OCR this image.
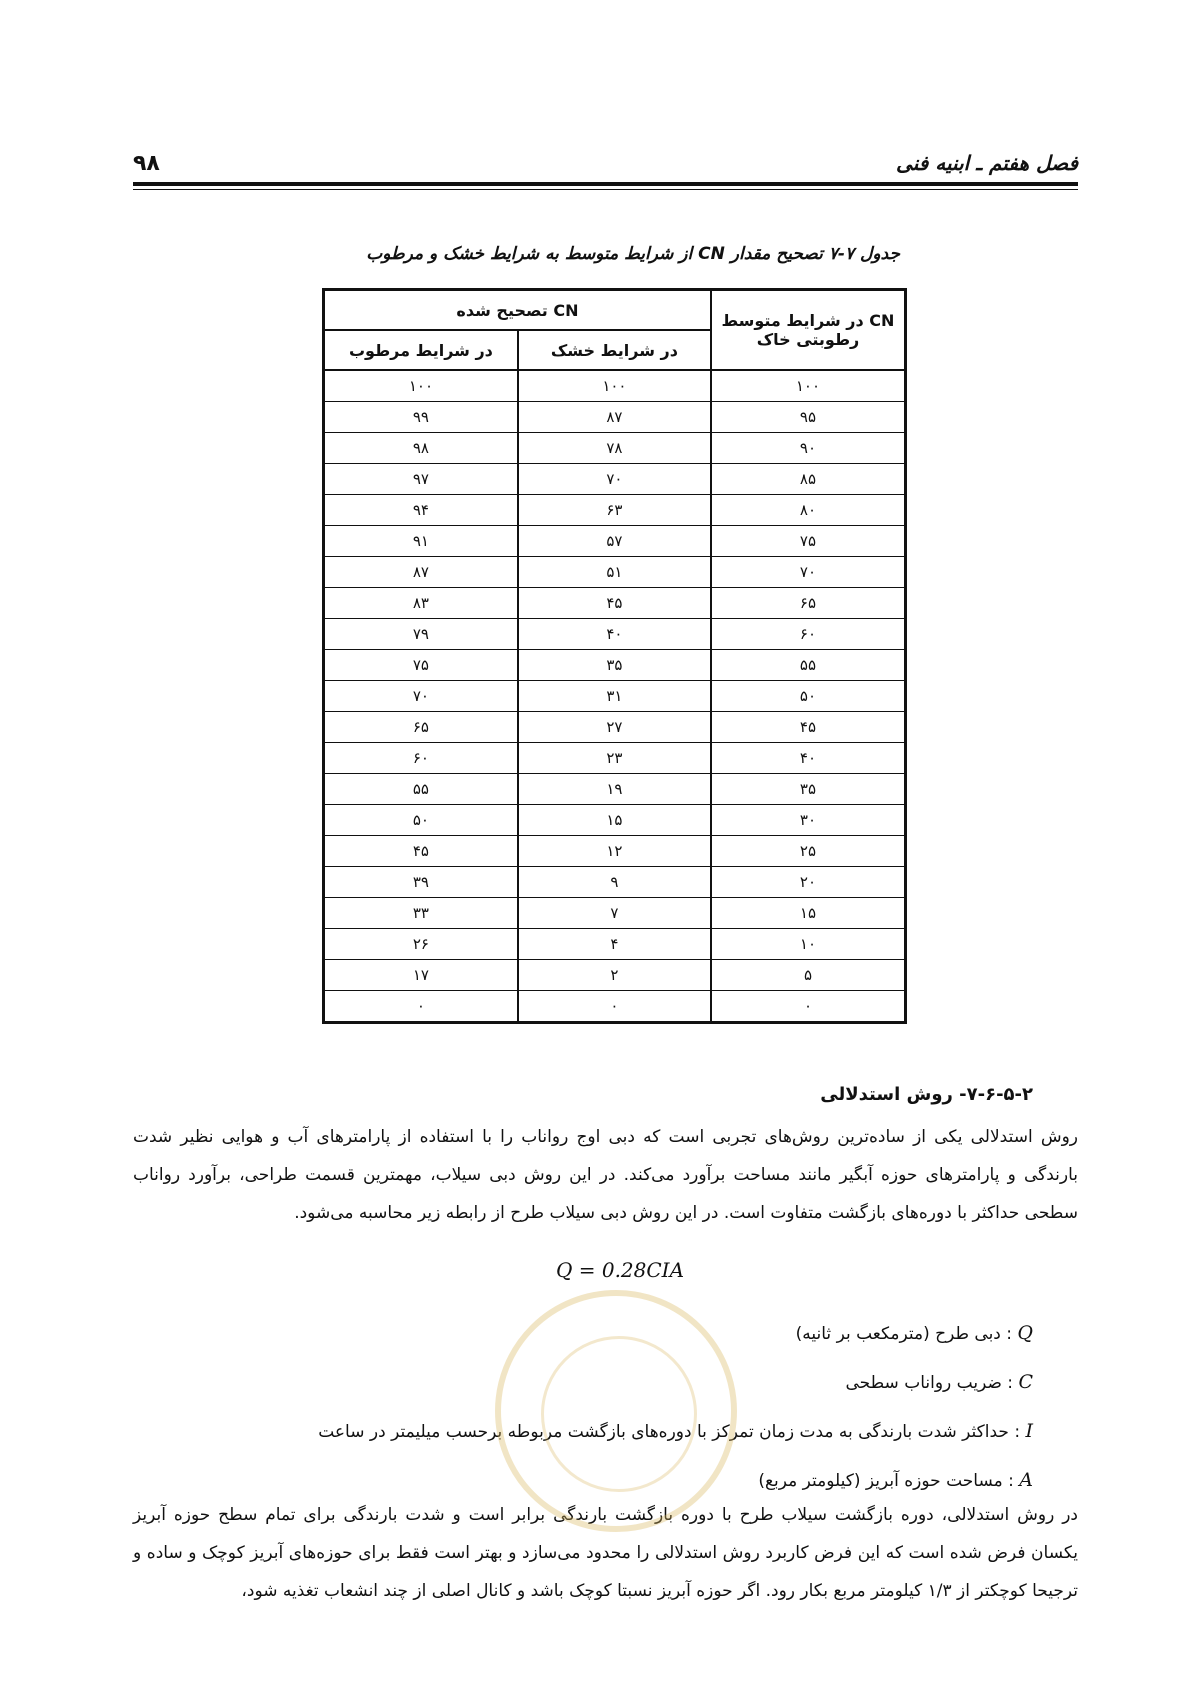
فصل هفتم ـ ابنیه فنی
۹۸
جدول ۷-۷ تصحیح مقدار CN از شرایط متوسط به شرایط خشک و مرطوب
CN در شرایط متوسط رطوبتی خاک	CN تصحیح شده	
	در شرایط خشک	در شرایط مرطوب
۱۰۰	۱۰۰	۱۰۰
۹۵	۸۷	۹۹
۹۰	۷۸	۹۸
۸۵	۷۰	۹۷
۸۰	۶۳	۹۴
۷۵	۵۷	۹۱
۷۰	۵۱	۸۷
۶۵	۴۵	۸۳
۶۰	۴۰	۷۹
۵۵	۳۵	۷۵
۵۰	۳۱	۷۰
۴۵	۲۷	۶۵
۴۰	۲۳	۶۰
۳۵	۱۹	۵۵
۳۰	۱۵	۵۰
۲۵	۱۲	۴۵
۲۰	۹	۳۹
۱۵	۷	۳۳
۱۰	۴	۲۶
۵	۲	۱۷
۰	۰	۰
۷-۶-۵-۲- روش استدلالی
روش استدلالی یکی از ساده‌ترین روش‌های تجربی است که دبی اوج رواناب را با استفاده از پارامترهای آب و هوایی نظیر شدت بارندگی و پارامترهای حوزه آبگیر مانند مساحت برآورد می‌کند. در این روش دبی سیلاب، مهمترین قسمت طراحی، برآورد رواناب سطحی حداکثر با دوره‌های بازگشت متفاوت است. در این روش دبی سیلاب طرح از رابطه زیر محاسبه می‌شود.
Q = 0.28CIA
Q : دبی طرح (مترمکعب بر ثانیه)
C : ضریب رواناب سطحی
I : حداکثر شدت بارندگی به مدت زمان تمرکز با دوره‌های بازگشت مربوطه برحسب میلیمتر در ساعت
A : مساحت حوزه آبریز (کیلومتر مربع)
در روش استدلالی، دوره بازگشت سیلاب طرح با دوره بازگشت بارندگی برابر است و شدت بارندگی برای تمام سطح حوزه آبریز یکسان فرض شده است که این فرض کاربرد روش استدلالی را محدود می‌سازد و بهتر است فقط برای حوزه‌های آبریز کوچک و ساده و ترجیحا کوچکتر از ۱/۳ کیلومتر مربع بکار رود. اگر حوزه آبریز نسبتا کوچک باشد و کانال اصلی از چند انشعاب تغذیه شود،
